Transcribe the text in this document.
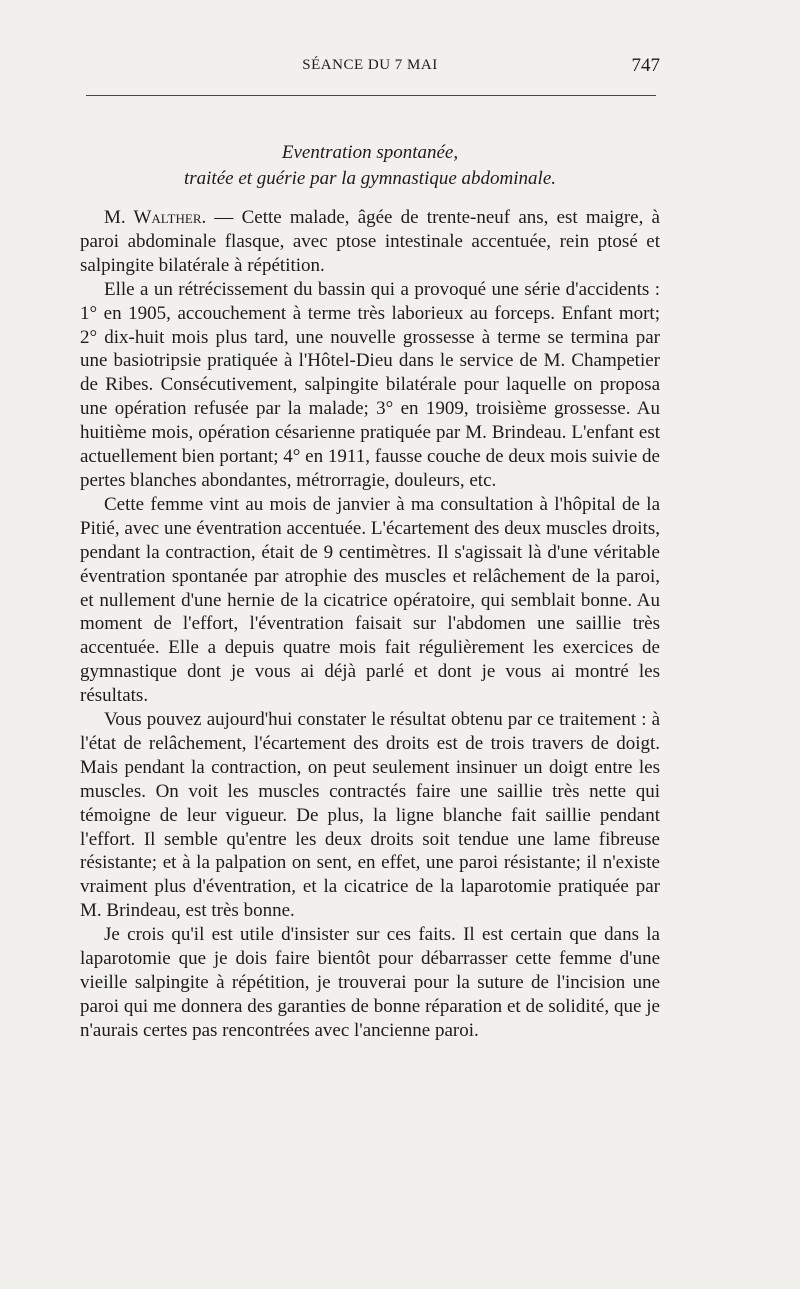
SÉANCE DU 7 MAI	747
Eventration spontanée,
traitée et guérie par la gymnastique abdominale.

M. Walther. — Cette malade, âgée de trente-neuf ans, est maigre, à paroi abdominale flasque, avec ptose intestinale accentuée, rein ptosé et salpingite bilatérale à répétition.

Elle a un rétrécissement du bassin qui a provoqué une série d'accidents : 1° en 1905, accouchement à terme très laborieux au forceps. Enfant mort; 2° dix-huit mois plus tard, une nouvelle grossesse à terme se termina par une basiotripsie pratiquée à l'Hôtel-Dieu dans le service de M. Champetier de Ribes. Consécutivement, salpingite bilatérale pour laquelle on proposa une opération refusée par la malade; 3° en 1909, troisième grossesse. Au huitième mois, opération césarienne pratiquée par M. Brindeau. L'enfant est actuellement bien portant; 4° en 1911, fausse couche de deux mois suivie de pertes blanches abondantes, métrorragie, douleurs, etc.

Cette femme vint au mois de janvier à ma consultation à l'hôpital de la Pitié, avec une éventration accentuée. L'écartement des deux muscles droits, pendant la contraction, était de 9 centimètres. Il s'agissait là d'une véritable éventration spontanée par atrophie des muscles et relâchement de la paroi, et nullement d'une hernie de la cicatrice opératoire, qui semblait bonne. Au moment de l'effort, l'éventration faisait sur l'abdomen une saillie très accentuée. Elle a depuis quatre mois fait régulièrement les exercices de gymnastique dont je vous ai déjà parlé et dont je vous ai montré les résultats.

Vous pouvez aujourd'hui constater le résultat obtenu par ce traitement : à l'état de relâchement, l'écartement des droits est de trois travers de doigt. Mais pendant la contraction, on peut seulement insinuer un doigt entre les muscles. On voit les muscles contractés faire une saillie très nette qui témoigne de leur vigueur. De plus, la ligne blanche fait saillie pendant l'effort. Il semble qu'entre les deux droits soit tendue une lame fibreuse résistante; et à la palpation on sent, en effet, une paroi résistante; il n'existe vraiment plus d'éventration, et la cicatrice de la laparotomie pratiquée par M. Brindeau, est très bonne.

Je crois qu'il est utile d'insister sur ces faits. Il est certain que dans la laparotomie que je dois faire bientôt pour débarrasser cette femme d'une vieille salpingite à répétition, je trouverai pour la suture de l'incision une paroi qui me donnera des garanties de bonne réparation et de solidité, que je n'aurais certes pas rencontrées avec l'ancienne paroi.
